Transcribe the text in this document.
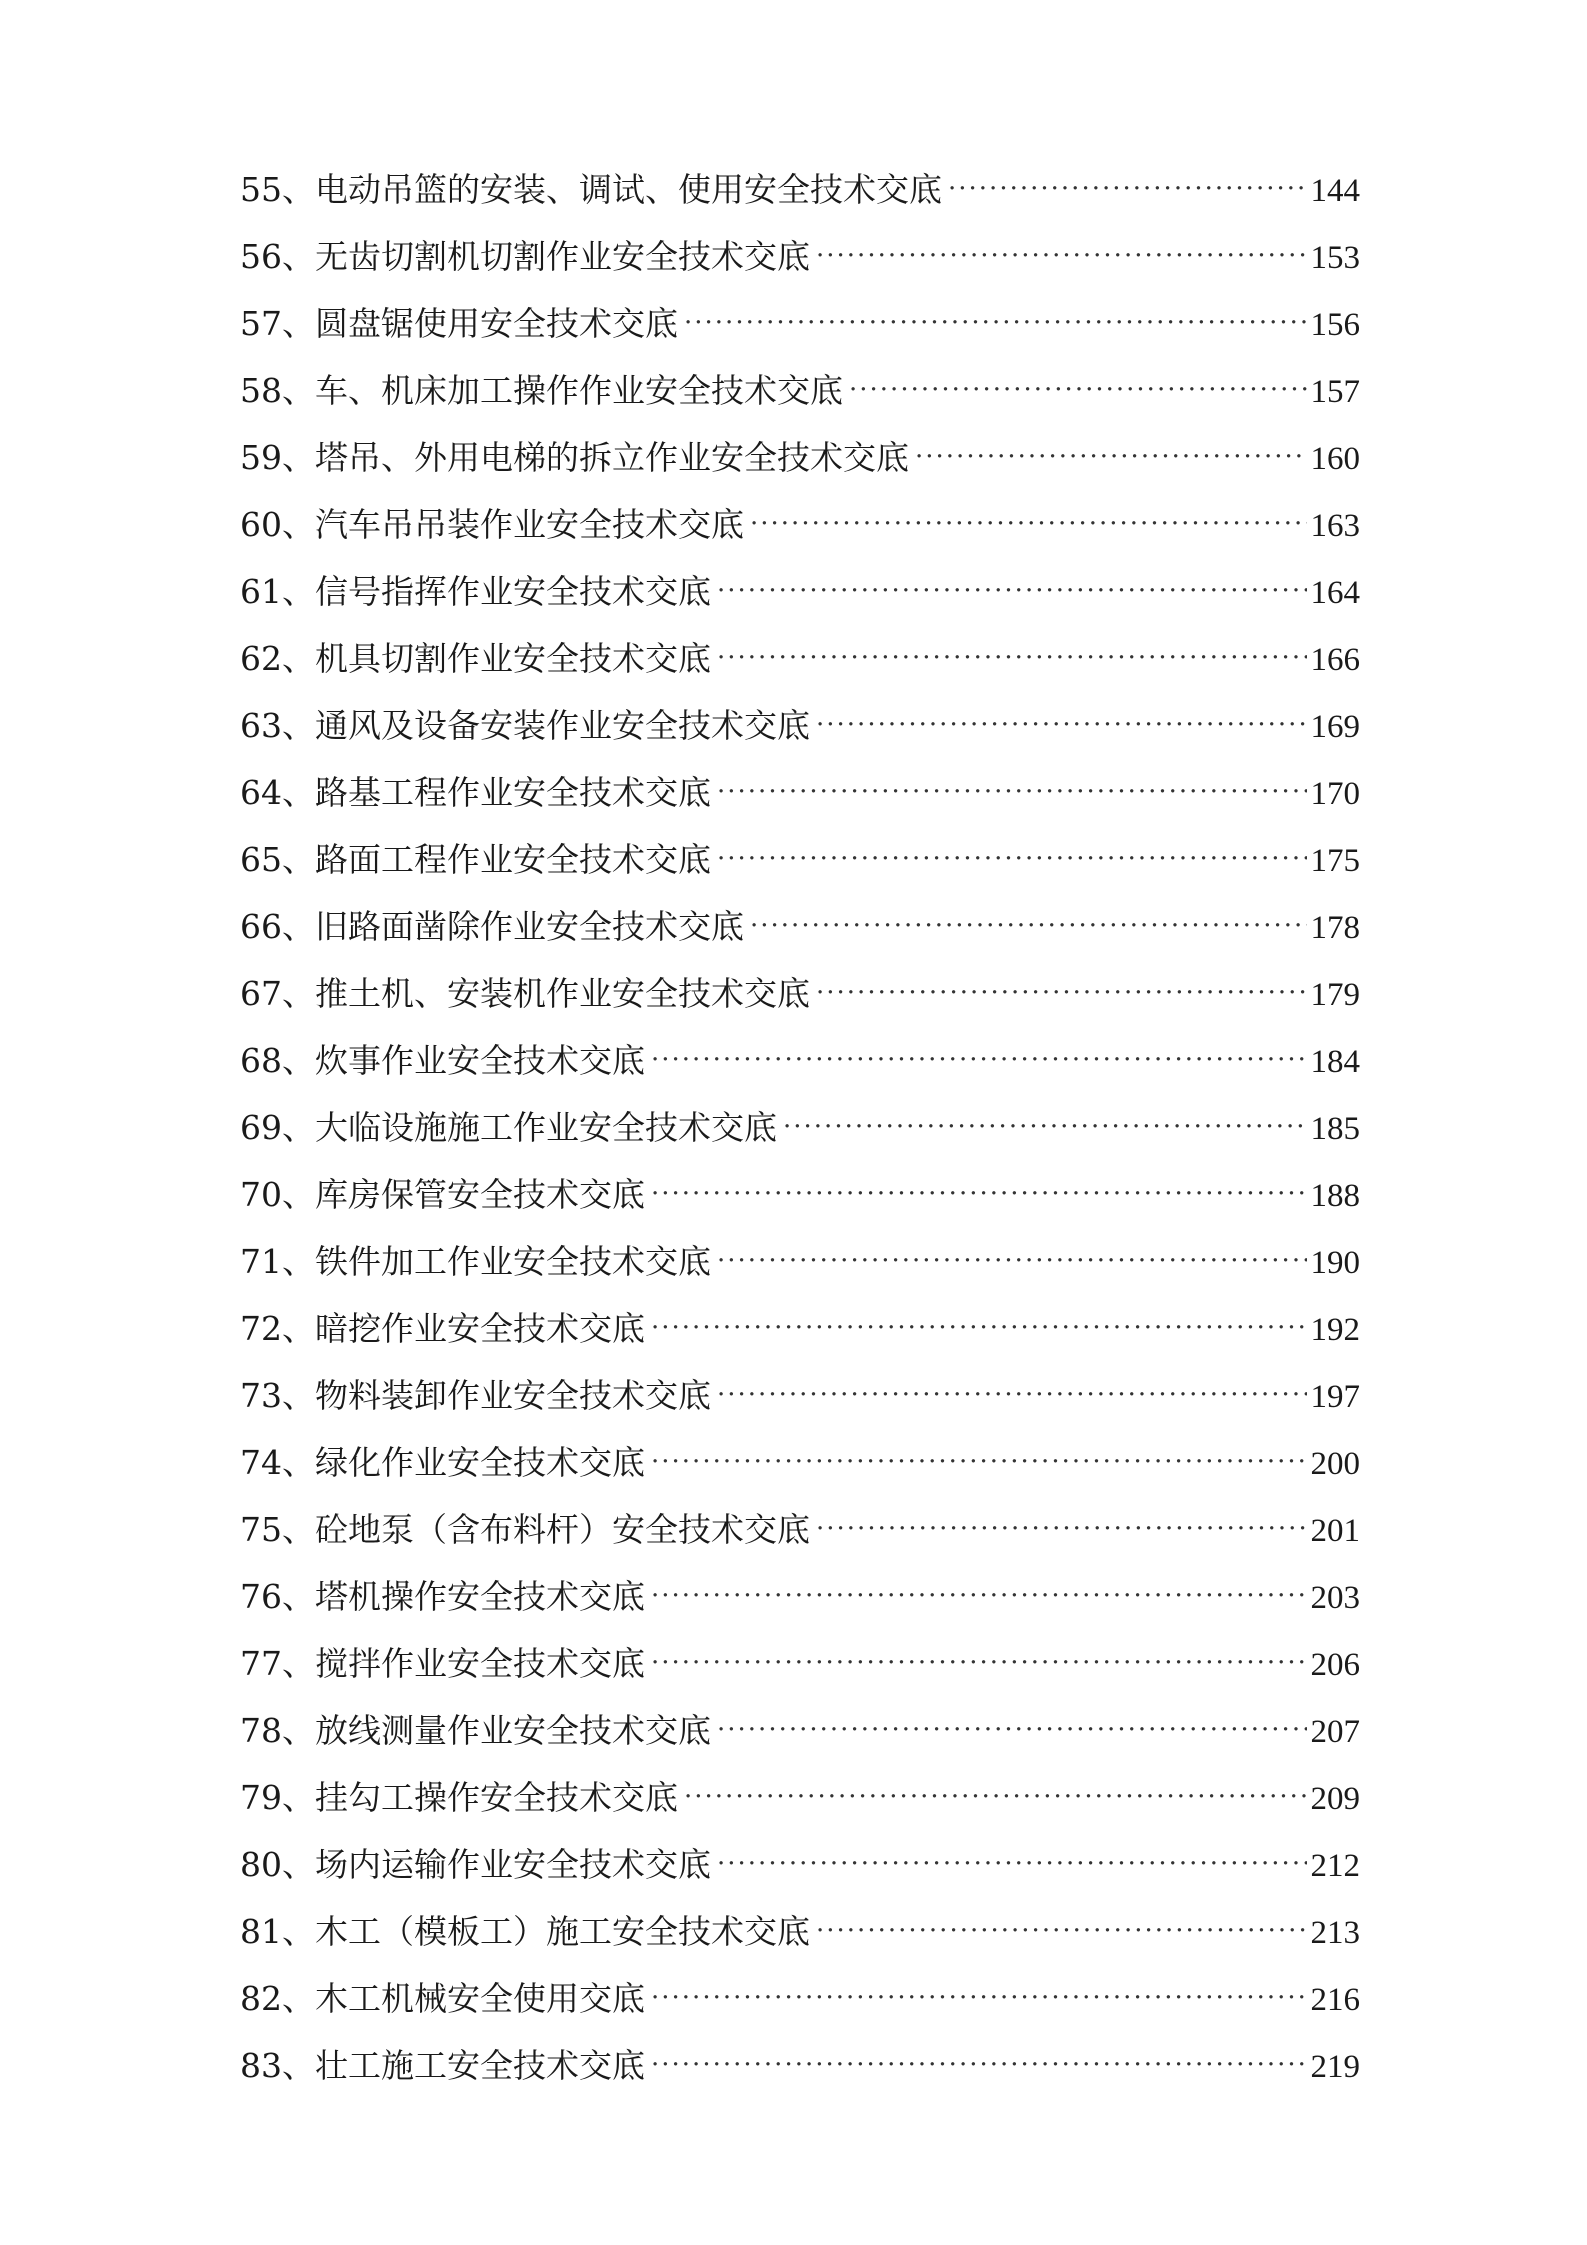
55、电动吊篮的安装、调试、使用安全技术交底 ·····	144
56、无齿切割机切割作业安全技术交底 ·····	153
57、圆盘锯使用安全技术交底 ·····	156
58、车、机床加工操作作业安全技术交底 ·····	157
59、塔吊、外用电梯的拆立作业安全技术交底 ·····	160
60、汽车吊吊装作业安全技术交底 ·····	163
61、信号指挥作业安全技术交底 ·····	164
62、机具切割作业安全技术交底 ·····	166
63、通风及设备安装作业安全技术交底 ·····	169
64、路基工程作业安全技术交底 ·····	170
65、路面工程作业安全技术交底 ·····	175
66、旧路面凿除作业安全技术交底 ·····	178
67、推土机、安装机作业安全技术交底 ·····	179
68、炊事作业安全技术交底 ·····	184
69、大临设施施工作业安全技术交底 ·····	185
70、库房保管安全技术交底 ·····	188
71、铁件加工作业安全技术交底 ·····	190
72、暗挖作业安全技术交底 ·····	192
73、物料装卸作业安全技术交底 ·····	197
74、绿化作业安全技术交底 ·····	200
75、砼地泵（含布料杆）安全技术交底 ·····	201
76、塔机操作安全技术交底 ·····	203
77、搅拌作业安全技术交底 ·····	206
78、放线测量作业安全技术交底 ·····	207
79、挂勾工操作安全技术交底 ·····	209
80、场内运输作业安全技术交底 ·····	212
81、木工（模板工）施工安全技术交底 ·····	213
82、木工机械安全使用交底 ·····	216
83、壮工施工安全技术交底 ·····	219
